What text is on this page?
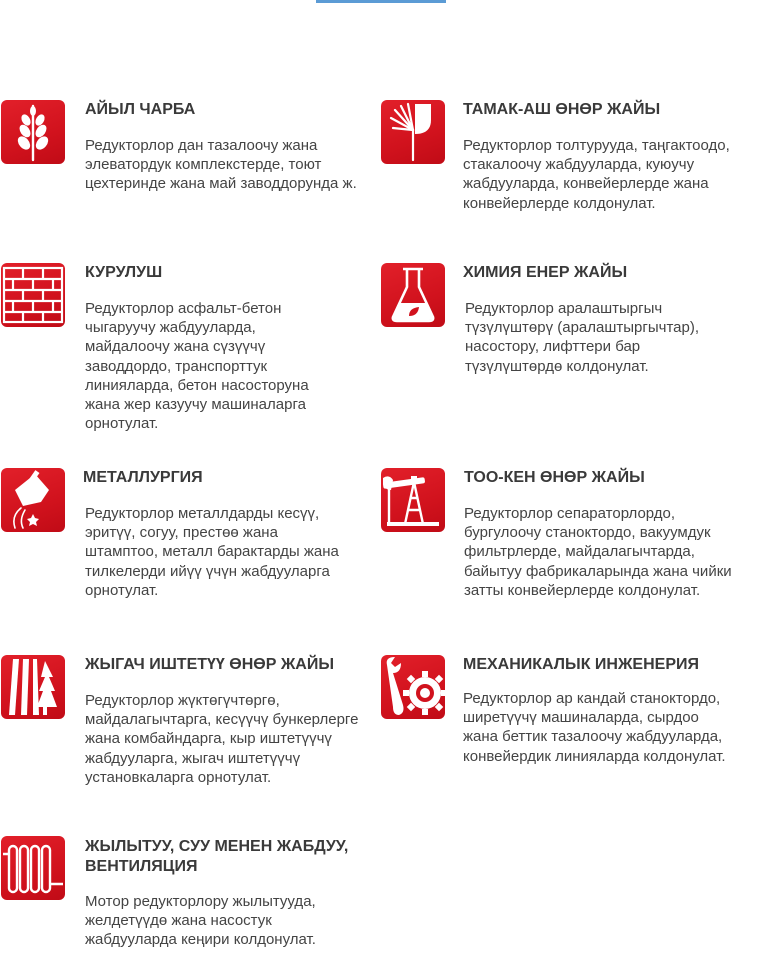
АЙЫЛ ЧАРБА

Редукторлор дан тазалоочу жана элеватордук комплекстерде, тоют цехтеринде жана май заводдорунда ж.

ТАМАК-АШ ӨНӨР ЖАЙЫ

Редукторлор толтурууда, таңгактоодо, стакалоочу жабдууларда, куюучу жабдууларда, конвейерлерде жана конвейерлерде колдонулат.

КУРУЛУШ

Редукторлор асфальт-бетон чыгаруучу жабдууларда, майдалоочу жана сүзүүчү заводдордо, транспорттук линияларда, бетон насосторуна жана жер казуучу машиналарга орнотулат.

ХИМИЯ ЕНЕР ЖАЙЫ

Редукторлор аралаштыргыч түзүлүштөрү (аралаштыргычтар), насосторy, лифттери бар түзүлүштөрдө колдонулат.

МЕТАЛЛУРГИЯ

Редукторлор металлдарды кесүү, эритүү, согуу, престөө жана штамптоо, металл барактарды жана тилкелерди ийүү үчүн жабдууларга орнотулат.

ТОО-КЕН ӨНӨР ЖАЙЫ

Редукторлор сепараторлордо, бургулоочу станоктордо, вакуумдук фильтрлерде, майдалагычтарда, байытуу фабрикаларында жана чийки затты конвейерлерде колдонулат.

ЖЫГАЧ ИШТЕТҮҮ ӨНӨР ЖАЙЫ

Редукторлор жүктөгүчтөргө, майдалагычтарга, кесүүчү бункерлерге жана комбайндарга, кыр иштетүүчү жабдууларга, жыгач иштетүүчү установкаларга орнотулат.

МЕХАНИКАЛЫК ИНЖЕНЕРИЯ

Редукторлор ар кандай станоктордо, ширетүүчү машиналарда, сырдоо жана беттик тазалоочу жабдууларда, конвейердик линияларда колдонулат.

ЖЫЛЫТУУ, СУУ МЕНЕН ЖАБДУУ, ВЕНТИЛЯЦИЯ

Мотор редукторлору жылытууда, желдетүүдө жана насостук жабдууларда кеңири колдонулат.
